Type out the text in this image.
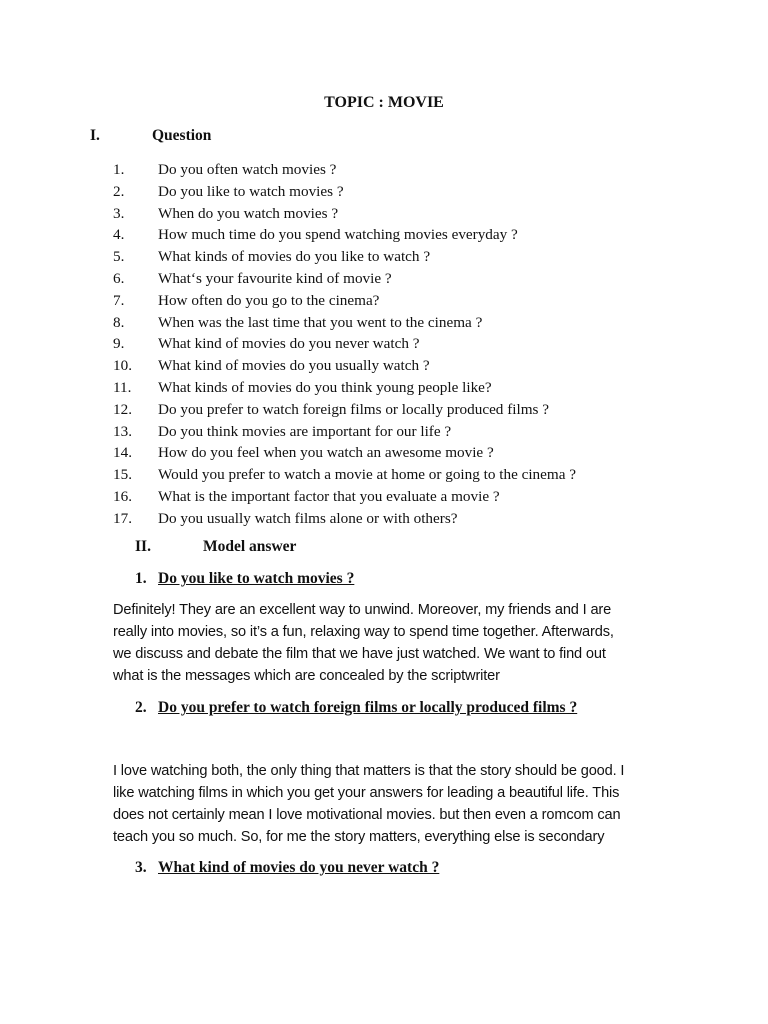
TOPIC : MOVIE
I.	Question
1. Do you often watch movies ?
2. Do you like to watch movies ?
3. When do you watch movies ?
4. How much time do you spend watching movies everyday ?
5. What kinds of movies do you like to watch ?
6. What‘s your favourite kind of movie ?
7. How often do you go to the cinema?
8. When was the last time that you went to the cinema ?
9. What kind of movies do you never watch ?
10. What kind of movies do you usually watch ?
11. What kinds of movies do you think young people like?
12. Do you prefer to watch foreign films or locally produced films ?
13. Do you think movies are important for our life ?
14. How do you feel when you watch an awesome movie ?
15. Would you prefer to watch a movie at home or going to the cinema ?
16. What is the important factor that you evaluate a movie ?
17. Do you usually watch films alone or with others?
II.	Model answer
1. Do you like to watch movies ?
Definitely! They are an excellent way to unwind. Moreover, my friends and I are
really into movies, so it’s a fun, relaxing way to spend time together. Afterwards,
we discuss and debate the film that we have just watched. We want to find out
what is the messages which are concealed by the scriptwriter
2. Do you prefer to watch foreign films or locally produced films ?
I love watching both, the only thing that matters is that the story should be good. I
like watching films in which you get your answers for leading a beautiful life. This
does not certainly mean I love motivational movies. but then even a romcom can
teach you so much. So, for me the story matters, everything else is secondary
3. What kind of movies do you never watch ?
